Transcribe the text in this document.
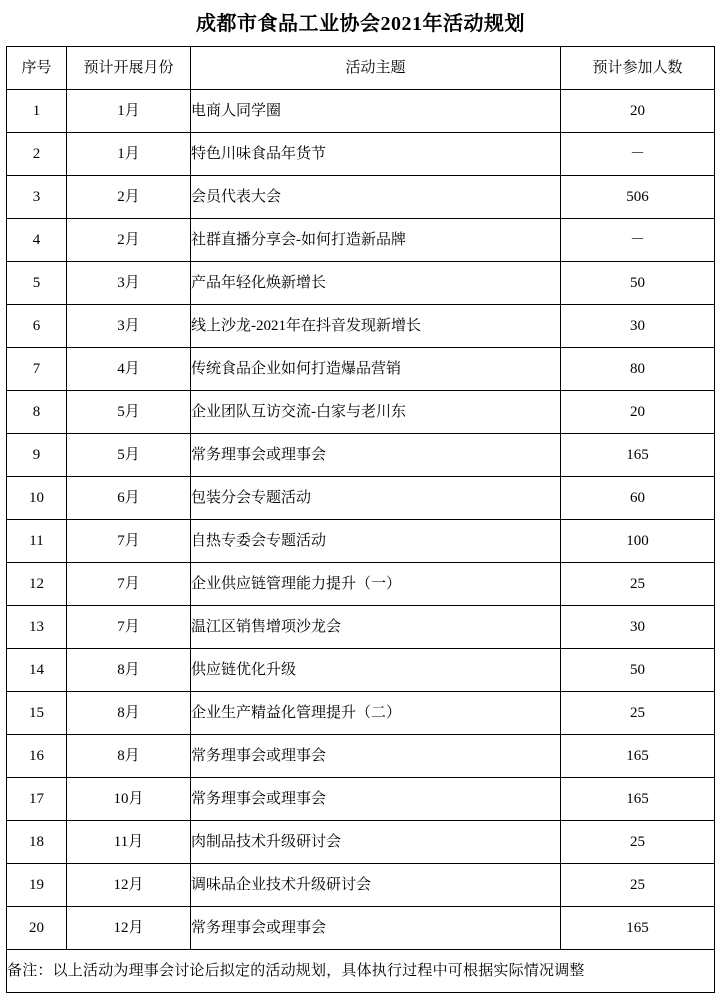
成都市食品工业协会2021年活动规划
序号	预计开展月份	活动主题	预计参加人数
1	1月	电商人同学圈	20
2	1月	特色川味食品年货节	－
3	2月	会员代表大会	506
4	2月	社群直播分享会-如何打造新品牌	－
5	3月	产品年轻化焕新增长	50
6	3月	线上沙龙-2021年在抖音发现新增长	30
7	4月	传统食品企业如何打造爆品营销	80
8	5月	企业团队互访交流-白家与老川东	20
9	5月	常务理事会或理事会	165
10	6月	包装分会专题活动	60
11	7月	自热专委会专题活动	100
12	7月	企业供应链管理能力提升（一）	25
13	7月	温江区销售增项沙龙会	30
14	8月	供应链优化升级	50
15	8月	企业生产精益化管理提升（二）	25
16	8月	常务理事会或理事会	165
17	10月	常务理事会或理事会	165
18	11月	肉制品技术升级研讨会	25
19	12月	调味品企业技术升级研讨会	25
20	12月	常务理事会或理事会	165
备注：以上活动为理事会讨论后拟定的活动规划，具体执行过程中可根据实际情况调整			
